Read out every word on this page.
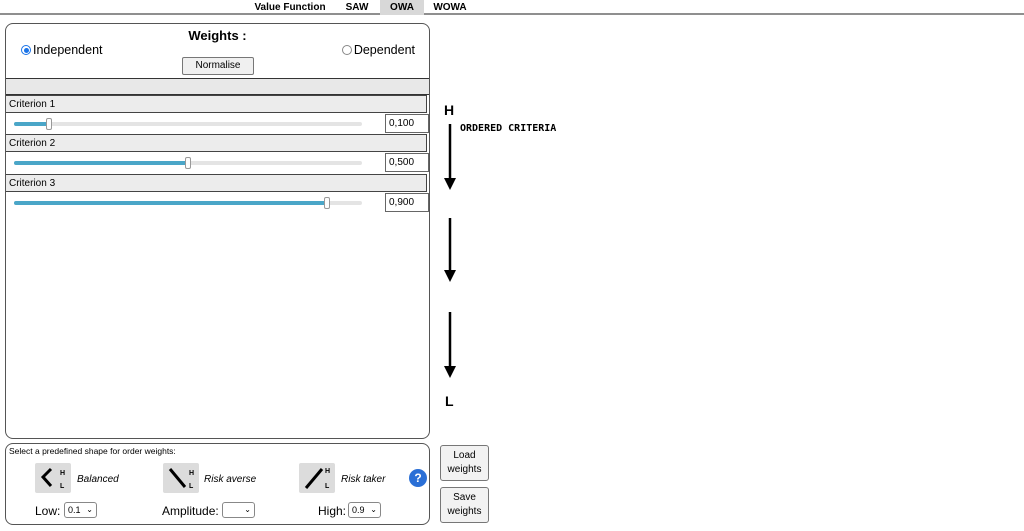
Value Function	SAW	OWA	WOWA
Weights :
Independent	Dependent
Normalise
Criterion 1
0,100
Criterion 2
0,500
Criterion 3
0,900
H
ORDERED CRITERIA
L
Select a predefined shape for order weights:
H
L
Balanced
H
L
Risk averse
H
L
Risk taker	?
Low: 0.1 ⌄	Amplitude:	⌄	High: 0.9 ⌄
Load weights
Save weights
